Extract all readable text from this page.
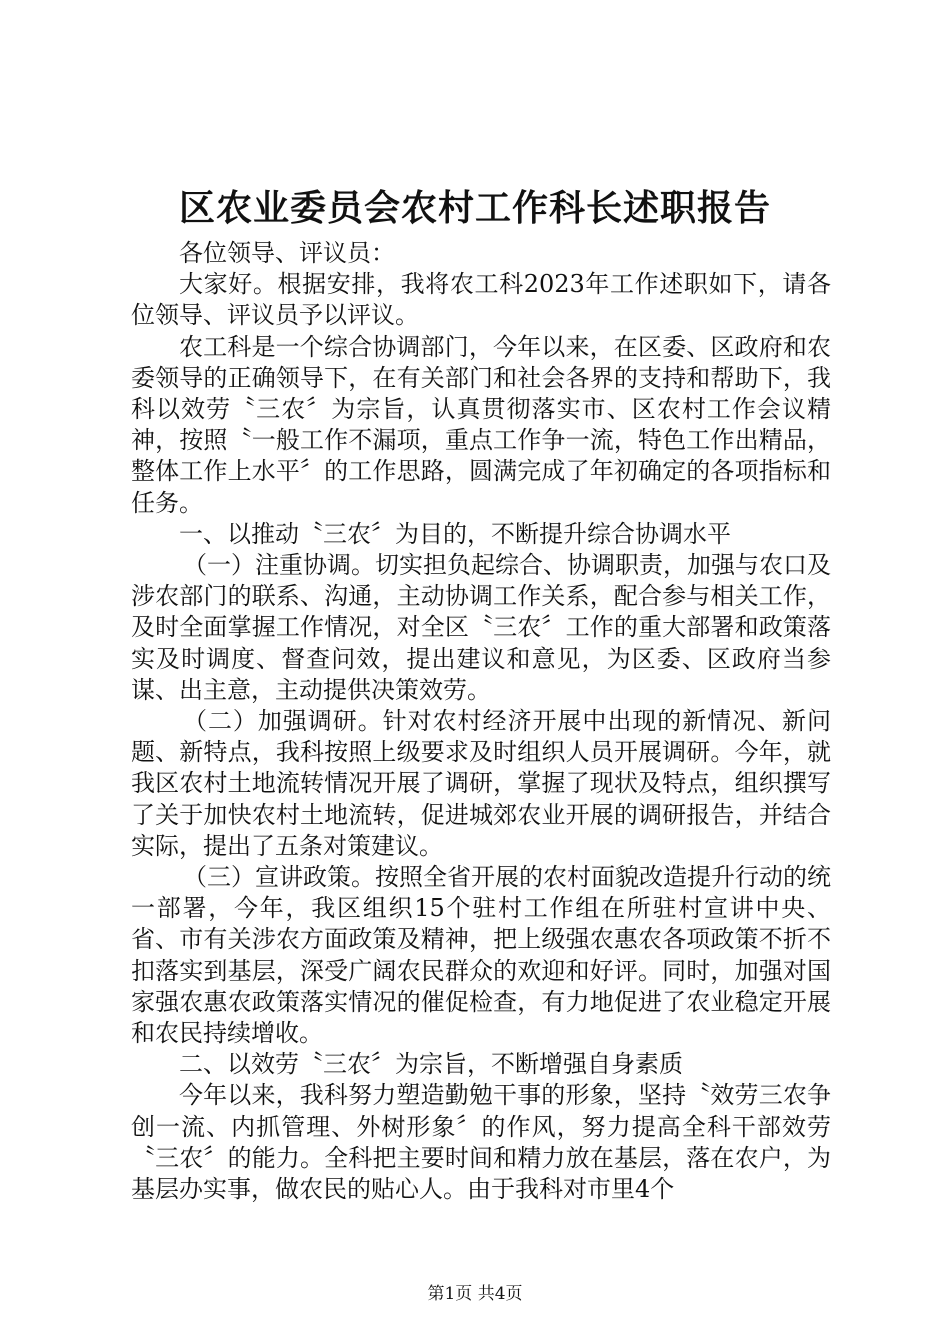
区农业委员会农村工作科长述职报告

各位领导、评议员：

大家好。根据安排，我将农工科2023年工作述职如下，请各位领导、评议员予以评议。

农工科是一个综合协调部门，今年以来，在区委、区政府和农委领导的正确领导下，在有关部门和社会各界的支持和帮助下，我科以效劳〝三农〞为宗旨，认真贯彻落实市、区农村工作会议精神，按照〝一般工作不漏项，重点工作争一流，特色工作出精品，整体工作上水平〞的工作思路，圆满完成了年初确定的各项指标和任务。

一、以推动〝三农〞为目的，不断提升综合协调水平

（一）注重协调。切实担负起综合、协调职责，加强与农口及涉农部门的联系、沟通，主动协调工作关系，配合参与相关工作，及时全面掌握工作情况，对全区〝三农〞工作的重大部署和政策落实及时调度、督查问效，提出建议和意见，为区委、区政府当参谋、出主意，主动提供决策效劳。

（二）加强调研。针对农村经济开展中出现的新情况、新问题、新特点，我科按照上级要求及时组织人员开展调研。今年，就我区农村土地流转情况开展了调研，掌握了现状及特点，组织撰写了关于加快农村土地流转，促进城郊农业开展的调研报告，并结合实际，提出了五条对策建议。

（三）宣讲政策。按照全省开展的农村面貌改造提升行动的统一部署，今年，我区组织15个驻村工作组在所驻村宣讲中央、省、市有关涉农方面政策及精神，把上级强农惠农各项政策不折不扣落实到基层，深受广阔农民群众的欢迎和好评。同时，加强对国家强农惠农政策落实情况的催促检查，有力地促进了农业稳定开展和农民持续增收。

二、以效劳〝三农〞为宗旨，不断增强自身素质

今年以来，我科努力塑造勤勉干事的形象，坚持〝效劳三农争创一流、内抓管理、外树形象〞的作风，努力提高全科干部效劳〝三农〞的能力。全科把主要时间和精力放在基层，落在农户，为基层办实事，做农民的贴心人。由于我科对市里4个

第1页 共4页
